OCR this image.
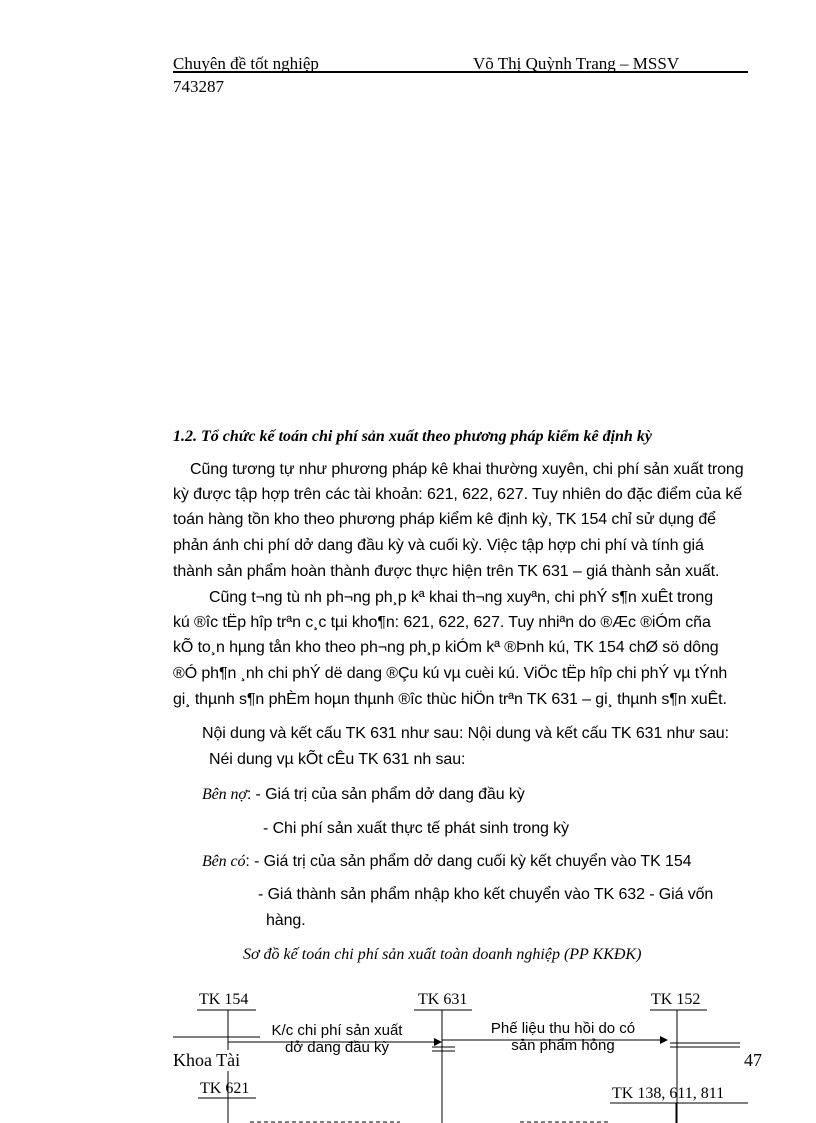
Chuyên đề tốt nghiệp	Võ Thị Quỳnh Trang – MSSV
743287
1.2. Tổ chức kế toán chi phí sản xuất theo phương pháp kiểm kê định kỳ
Cũng tương tự như phương pháp kê khai thường xuyên, chi phí sản xuất trong
kỳ được tập hợp trên các tài khoản: 621, 622, 627. Tuy nhiên do đặc điểm của kế
toán hàng tồn kho theo phương pháp kiểm kê định kỳ, TK 154 chỉ sử dụng để
phản ánh chi phí dở dang đầu kỳ và cuối kỳ. Việc tập hợp chi phí và tính giá
thành sản phẩm hoàn thành được thực hiện trên TK 631 – giá thành sản xuất.
Cũng t¬ng tù nh ph¬ng ph¸p kª khai th¬ng xuyªn, chi phÝ s¶n xuÊt trong
kú ®îc tËp hîp trªn c¸c tµi kho¶n: 621, 622, 627. Tuy nhiªn do ®Æc ®iÓm cña
kÕ to¸n hµng tån kho theo ph¬ng ph¸p kiÓm kª ®Þnh kú, TK 154 chØ sö dông
®Ó ph¶n ¸nh chi phÝ dë dang ®Çu kú vµ cuèi kú. ViÖc tËp hîp chi phÝ vµ tÝnh
gi¸ thµnh s¶n phÈm hoµn thµnh ®îc thùc hiÖn trªn TK 631 – gi¸ thµnh s¶n xuÊt.
Nội dung và kết cấu TK 631 như sau: Nội dung và kết cấu TK 631 như sau:
Néi dung vµ kÕt cÊu TK 631 nh sau:
Bên nợ: - Giá trị của sản phẩm dở dang đầu kỳ
- Chi phí sản xuất thực tế phát sinh trong kỳ
Bên có: - Giá trị của sản phẩm dở dang cuối kỳ kết chuyển vào TK 154
- Giá thành sản phẩm nhập kho kết chuyển vào TK 632 - Giá vốn
hàng.
Sơ đồ kế toán chi phí sản xuất toàn doanh nghiệp (PP KKĐK)
TK 154	TK 631	TK 152
TK 621	TK 138, 611, 811
K/c chi phí sản xuất
dở dang đầu kỳ
Phế liệu thu hồi do có
sản phẩm hỏng
Khoa Tài	47
